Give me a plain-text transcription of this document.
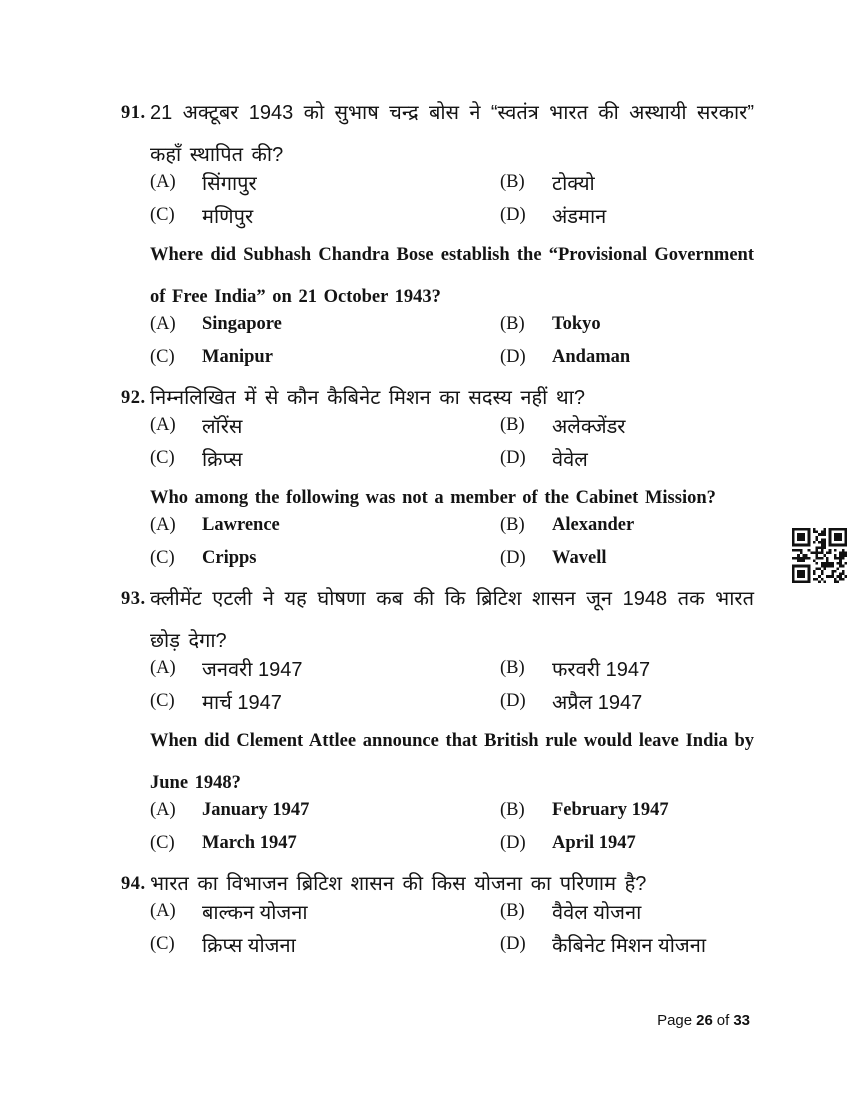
91. 21 अक्टूबर 1943 को सुभाष चन्द्र बोस ने “स्वतंत्र भारत की अस्थायी सरकार” कहाँ स्थापित की?
(A)	सिंगापुर	(B)	टोक्यो
(C)	मणिपुर	(D)	अंडमान
Where did Subhash Chandra Bose establish the “Provisional Government of Free India” on 21 October 1943?
(A)	Singapore	(B)	Tokyo
(C)	Manipur	(D)	Andaman
92. निम्नलिखित में से कौन कैबिनेट मिशन का सदस्य नहीं था?
(A)	लॉरेंस	(B)	अलेक्जेंडर
(C)	क्रिप्स	(D)	वेवेल
Who among the following was not a member of the Cabinet Mission?
(A)	Lawrence	(B)	Alexander
(C)	Cripps	(D)	Wavell
93. क्लीमेंट एटली ने यह घोषणा कब की कि ब्रिटिश शासन जून 1948 तक भारत छोड़ देगा?
(A)	जनवरी 1947	(B)	फरवरी 1947
(C)	मार्च 1947	(D)	अप्रैल 1947
When did Clement Attlee announce that British rule would leave India by June 1948?
(A)	January 1947	(B)	February 1947
(C)	March 1947	(D)	April 1947
94. भारत का विभाजन ब्रिटिश शासन की किस योजना का परिणाम है?
(A)	बाल्कन योजना	(B)	वैवेल योजना
(C)	क्रिप्स योजना	(D)	कैबिनेट मिशन योजना
Page 26 of 33
